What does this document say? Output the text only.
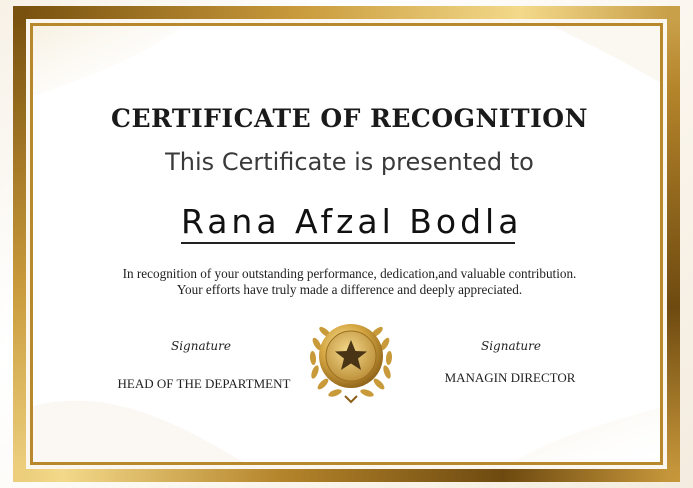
CERTIFICATE OF RECOGNITION
This Certificate is presented to
Rana Afzal Bodla
In recognition of your outstanding performance, dedication,and valuable contribution.
Your efforts have truly made a difference and deeply appreciated.
Signature
HEAD OF THE DEPARTMENT
Signature
MANAGIN DIRECTOR
